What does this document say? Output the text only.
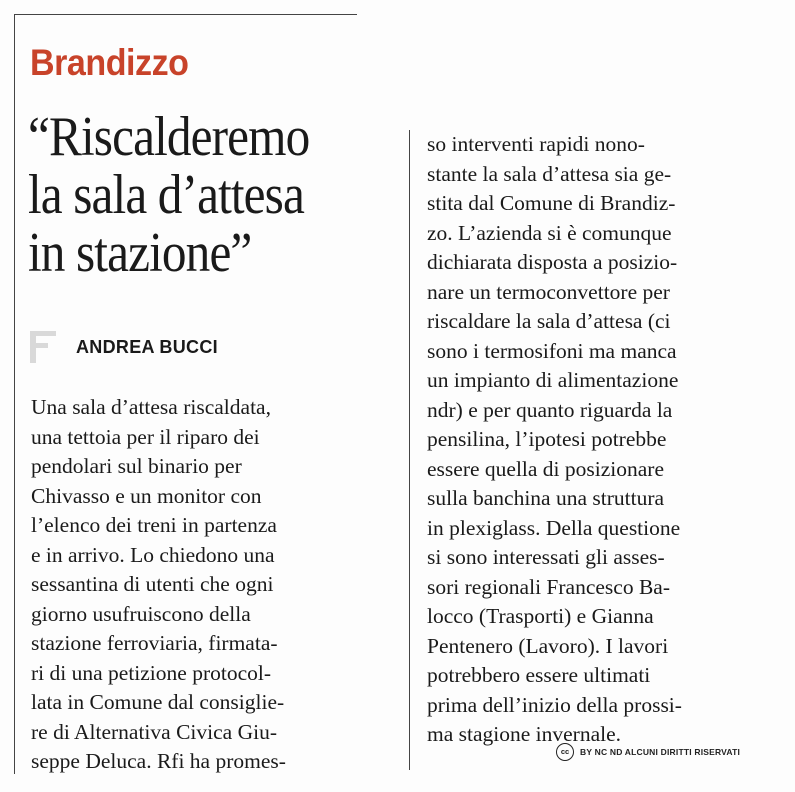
Brandizzo
“Riscalderemo
la sala d’attesa
in stazione”
ANDREA BUCCI
Una sala d’attesa riscaldata,
una tettoia per il riparo dei
pendolari sul binario per
Chivasso e un monitor con
l’elenco dei treni in partenza
e in arrivo. Lo chiedono una
sessantina di utenti che ogni
giorno usufruiscono della
stazione ferroviaria, firmata-
ri di una petizione protocol-
lata in Comune dal consiglie-
re di Alternativa Civica Giu-
seppe Deluca. Rfi ha promes-
so interventi rapidi nono-
stante la sala d’attesa sia ge-
stita dal Comune di Brandiz-
zo. L’azienda si è comunque
dichiarata disposta a posizio-
nare un termoconvettore per
riscaldare la sala d’attesa (ci
sono i termosifoni ma manca
un impianto di alimentazione
ndr) e per quanto riguarda la
pensilina, l’ipotesi potrebbe
essere quella di posizionare
sulla banchina una struttura
in plexiglass. Della questione
si sono interessati gli asses-
sori regionali Francesco Ba-
locco (Trasporti) e Gianna
Pentenero (Lavoro). I lavori
potrebbero essere ultimati
prima dell’inizio della prossi-
ma stagione invernale.
cc	BY NC ND ALCUNI DIRITTI RISERVATI
